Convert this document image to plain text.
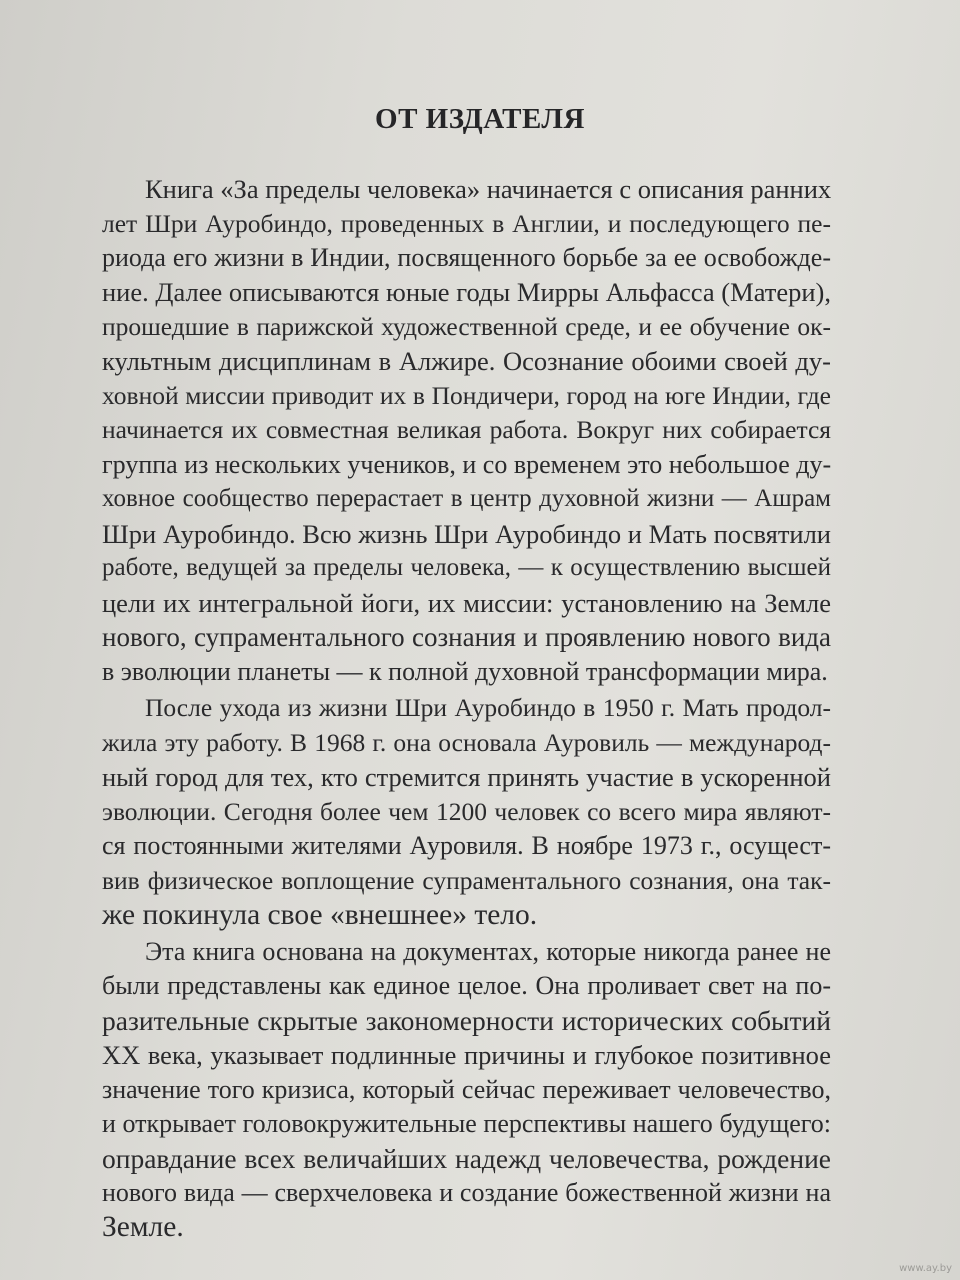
ОТ ИЗДАТЕЛЯ
Книга «За пределы человека» начинается с описания ранних
лет Шри Ауробиндо, проведенных в Англии, и последующего пе-
риода его жизни в Индии, посвященного борьбе за ее освобожде-
ние. Далее описываются юные годы Мирры Альфасса (Матери),
прошедшие в парижской художественной среде, и ее обучение ок-
культным дисциплинам в Алжире. Осознание обоими своей ду-
ховной миссии приводит их в Пондичери, город на юге Индии, где
начинается их совместная великая работа. Вокруг них собирается
группа из нескольких учеников, и со временем это небольшое ду-
ховное сообщество перерастает в центр духовной жизни — Ашрам
Шри Ауробиндо. Всю жизнь Шри Ауробиндо и Мать посвятили
работе, ведущей за пределы человека, — к осуществлению высшей
цели их интегральной йоги, их миссии: установлению на Земле
нового, супраментального сознания и проявлению нового вида
в эволюции планеты — к полной духовной трансформации мира.
После ухода из жизни Шри Ауробиндо в 1950 г. Мать продол-
жила эту работу. В 1968 г. она основала Ауровиль — международ-
ный город для тех, кто стремится принять участие в ускоренной
эволюции. Сегодня более чем 1200 человек со всего мира являют-
ся постоянными жителями Ауровиля. В ноябре 1973 г., осущест-
вив физическое воплощение супраментального сознания, она так-
же покинула свое «внешнее» тело.
Эта книга основана на документах, которые никогда ранее не
были представлены как единое целое. Она проливает свет на по-
разительные скрытые закономерности исторических событий
XX века, указывает подлинные причины и глубокое позитивное
значение того кризиса, который сейчас переживает человечество,
и открывает головокружительные перспективы нашего будущего:
оправдание всех величайших надежд человечества, рождение
нового вида — сверхчеловека и создание божественной жизни на
Земле.
www.ay.by
